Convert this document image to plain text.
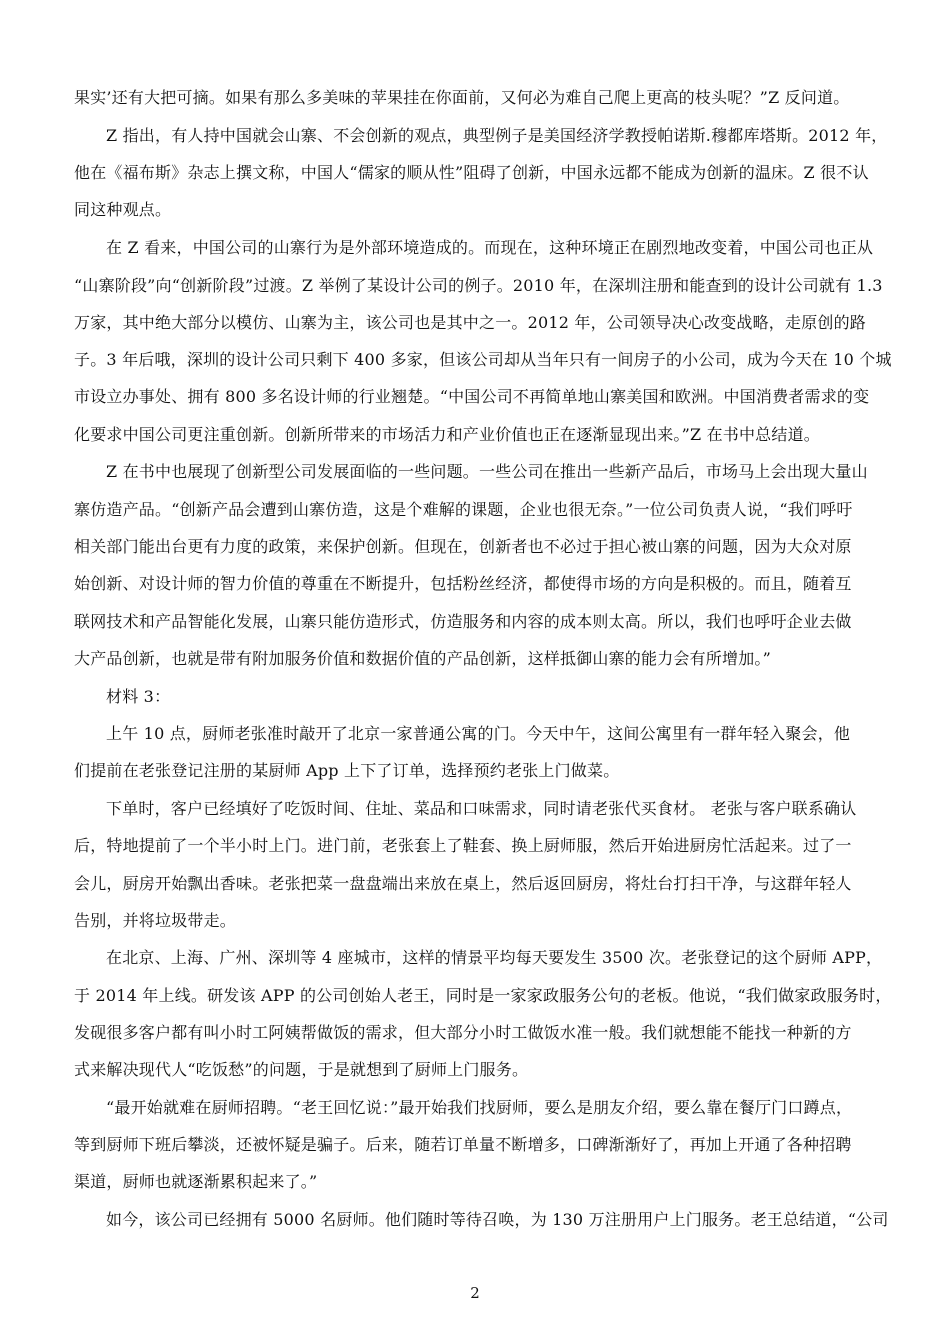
果实’还有大把可摘。如果有那么多美味的苹果挂在你面前，又何必为难自己爬上更高的枝头呢？”Z 反问道。
Z 指出，有人持中国就会山寨、不会创新的观点，典型例子是美国经济学教授帕诺斯.穆都库塔斯。2012 年，
他在《福布斯》杂志上撰文称，中国人“儒家的顺从性”阻碍了创新，中国永远都不能成为创新的温床。Z 很不认
同这种观点。
在 Z 看来，中国公司的山寨行为是外部环境造成的。而现在，这种环境正在剧烈地改变着，中国公司也正从
“山寨阶段”向“创新阶段”过渡。Z 举例了某设计公司的例子。2010 年，在深圳注册和能查到的设计公司就有 1.3
万家，其中绝大部分以模仿、山寨为主，该公司也是其中之一。2012 年，公司领导决心改变战略，走原创的路
子。3 年后哦，深圳的设计公司只剩下 400 多家，但该公司却从当年只有一间房子的小公司，成为今天在 10 个城
市设立办事处、拥有 800 多名设计师的行业翘楚。“中国公司不再简单地山寨美国和欧洲。中国消费者需求的变
化要求中国公司更注重创新。创新所带来的市场活力和产业价值也正在逐渐显现出来。”Z 在书中总结道。
Z 在书中也展现了创新型公司发展面临的一些问题。一些公司在推出一些新产品后，市场马上会出现大量山
寨仿造产品。“创新产品会遭到山寨仿造，这是个难解的课题，企业也很无奈。”一位公司负责人说，“我们呼吁
相关部门能出台更有力度的政策，来保护创新。但现在，创新者也不必过于担心被山寨的问题，因为大众对原
始创新、对设计师的智力价值的尊重在不断提升，包括粉丝经济，都使得市场的方向是积极的。而且，随着互
联网技术和产品智能化发展，山寨只能仿造形式，仿造服务和内容的成本则太高。所以，我们也呼吁企业去做
大产品创新，也就是带有附加服务价值和数据价值的产品创新，这样抵御山寨的能力会有所增加。”
材料 3：
上午 10 点，厨师老张准时敲开了北京一家普通公寓的门。今天中午，这间公寓里有一群年轻入聚会，他
们提前在老张登记注册的某厨师 App 上下了订单，选择预约老张上门做菜。
下单时，客户已经填好了吃饭时间、住址、菜品和口味需求，同时请老张代买食材。 老张与客户联系确认
后，特地提前了一个半小时上门。进门前，老张套上了鞋套、换上厨师服，然后开始进厨房忙活起来。过了一
会儿，厨房开始飘出香味。老张把菜一盘盘端出来放在桌上，然后返回厨房，将灶台打扫干净，与这群年轻人
告别，并将垃圾带走。
在北京、上海、广州、深圳等 4 座城市，这样的情景平均每天要发生 3500 次。老张登记的这个厨师 APP，
于 2014 年上线。研发该 APP 的公司创始人老王，同时是一家家政服务公句的老板。他说，“我们做家政服务时，
发砚很多客户都有叫小时工阿姨帮做饭的需求，但大部分小时工做饭水准一般。我们就想能不能找一种新的方
式来解决现代人“吃饭愁”的问题，于是就想到了厨师上门服务。
“最开始就难在厨师招聘。“老王回忆说：”最开始我们找厨师，要么是朋友介绍，要么靠在餐厅门口蹲点，
等到厨师下班后攀淡，还被怀疑是骗子。后来，随若订单量不断增多，口碑渐渐好了，再加上开通了各种招聘
渠道，厨师也就逐渐累积起来了。”
如今，该公司已经拥有 5000 名厨师。他们随时等待召唤，为 130 万注册用户上门服务。老王总结道，“公司
2
